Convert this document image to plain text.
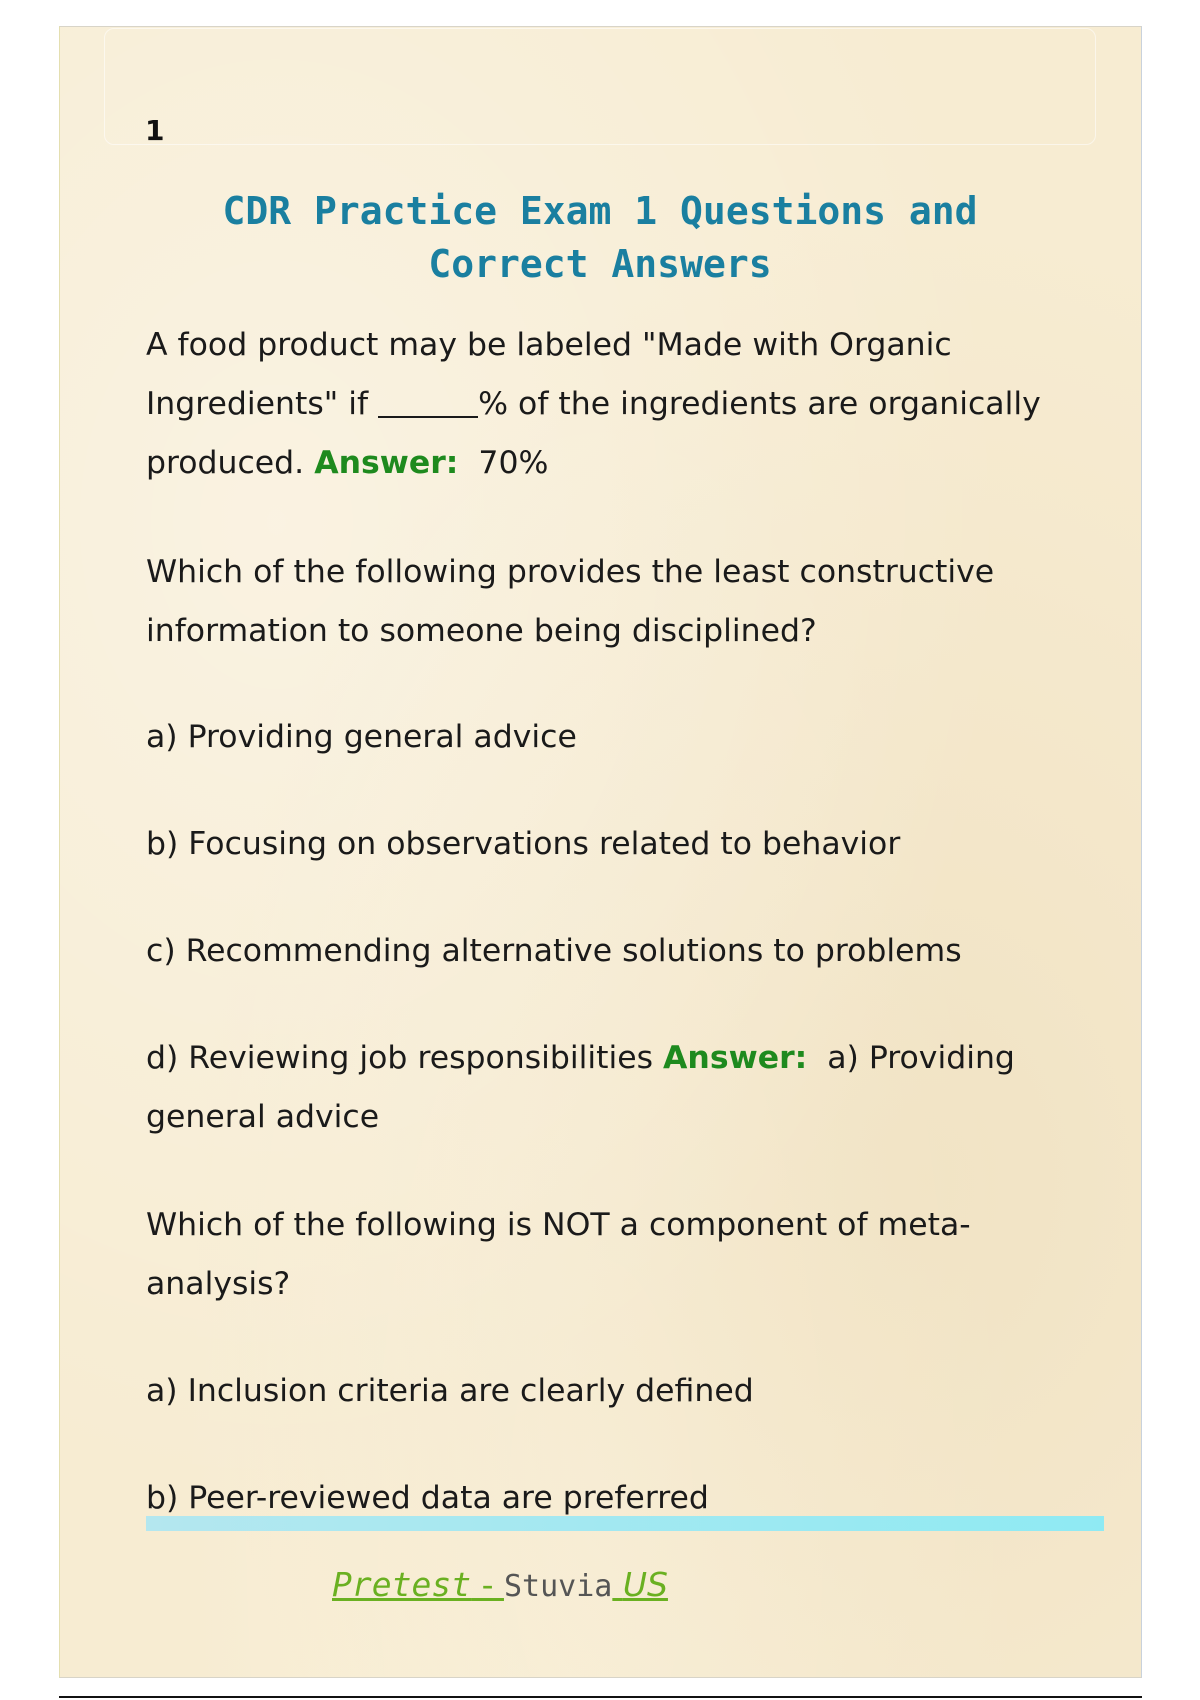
1
CDR Practice Exam 1 Questions and Correct Answers
A food product may be labeled "Made with Organic Ingredients" if	% of the ingredients are organically produced. Answer:  70%
Which of the following provides the least constructive information to someone being disciplined?
a) Providing general advice
b) Focusing on observations related to behavior
c) Recommending alternative solutions to problems
d) Reviewing job responsibilities Answer:  a) Providing general advice
Which of the following is NOT a component of meta-analysis?
a) Inclusion criteria are clearly defined
b) Peer-reviewed data are preferred
Pretest - Stuvia US
